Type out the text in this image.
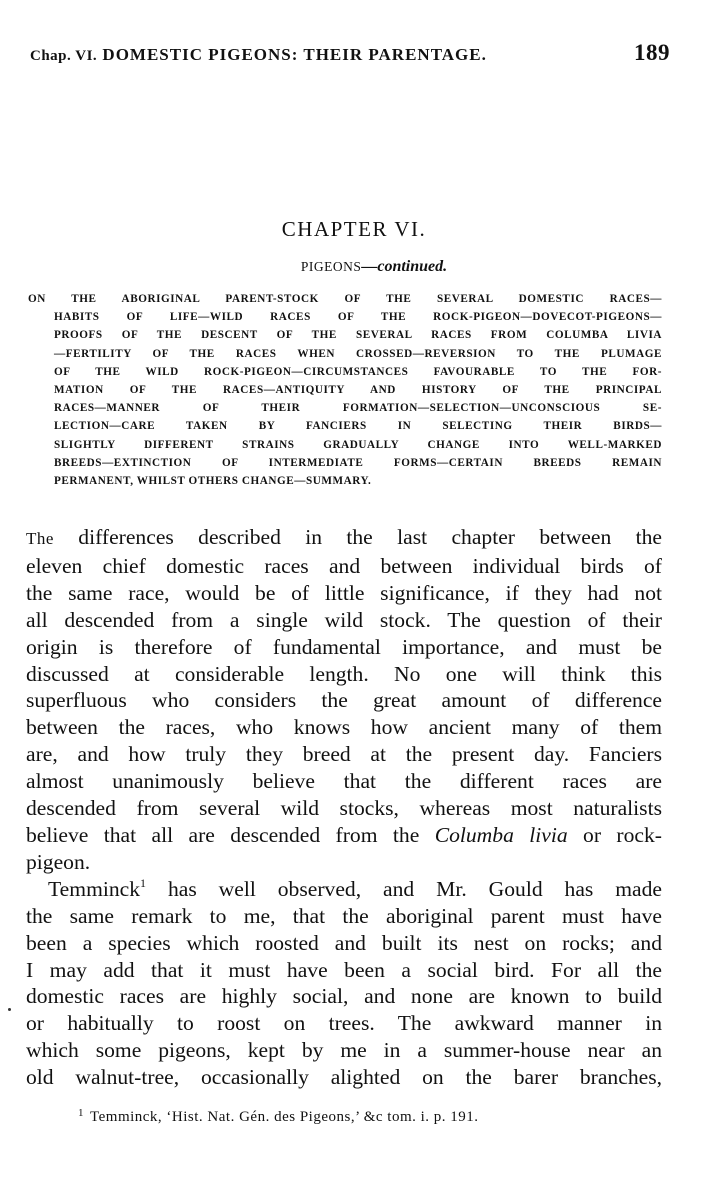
Chap. VI. DOMESTIC PIGEONS: THEIR PARENTAGE.	189
CHAPTER VI.
PIGEONS—continued.
ON THE ABORIGINAL PARENT-STOCK OF THE SEVERAL DOMESTIC RACES—
HABITS OF LIFE—WILD RACES OF THE ROCK-PIGEON—DOVECOT-PIGEONS—
PROOFS OF THE DESCENT OF THE SEVERAL RACES FROM COLUMBA LIVIA
—FERTILITY OF THE RACES WHEN CROSSED—REVERSION TO THE PLUMAGE
OF THE WILD ROCK-PIGEON—CIRCUMSTANCES FAVOURABLE TO THE FOR-
MATION OF THE RACES—ANTIQUITY AND HISTORY OF THE PRINCIPAL
RACES—MANNER OF THEIR FORMATION—SELECTION—UNCONSCIOUS SE-
LECTION—CARE TAKEN BY FANCIERS IN SELECTING THEIR BIRDS—
SLIGHTLY DIFFERENT STRAINS GRADUALLY CHANGE INTO WELL-MARKED
BREEDS—EXTINCTION OF INTERMEDIATE FORMS—CERTAIN BREEDS REMAIN
PERMANENT, WHILST OTHERS CHANGE—SUMMARY.
The differences described in the last chapter between the
eleven chief domestic races and between individual birds of
the same race, would be of little significance, if they had not
all descended from a single wild stock. The question of their
origin is therefore of fundamental importance, and must be
discussed at considerable length. No one will think this
superfluous who considers the great amount of difference
between the races, who knows how ancient many of them
are, and how truly they breed at the present day. Fanciers
almost unanimously believe that the different races are
descended from several wild stocks, whereas most naturalists
believe that all are descended from the Columba livia or rock-
pigeon.
Temminck$^1$ has well observed, and Mr. Gould has made
the same remark to me, that the aboriginal parent must have
been a species which roosted and built its nest on rocks; and
I may add that it must have been a social bird. For all the
domestic races are highly social, and none are known to build
or habitually to roost on trees. The awkward manner in
which some pigeons, kept by me in a summer-house near an
old walnut-tree, occasionally alighted on the barer branches,
$^1$ Temminck, ‘Hist. Nat. Gén. des Pigeons,’ &c tom. i. p. 191.
